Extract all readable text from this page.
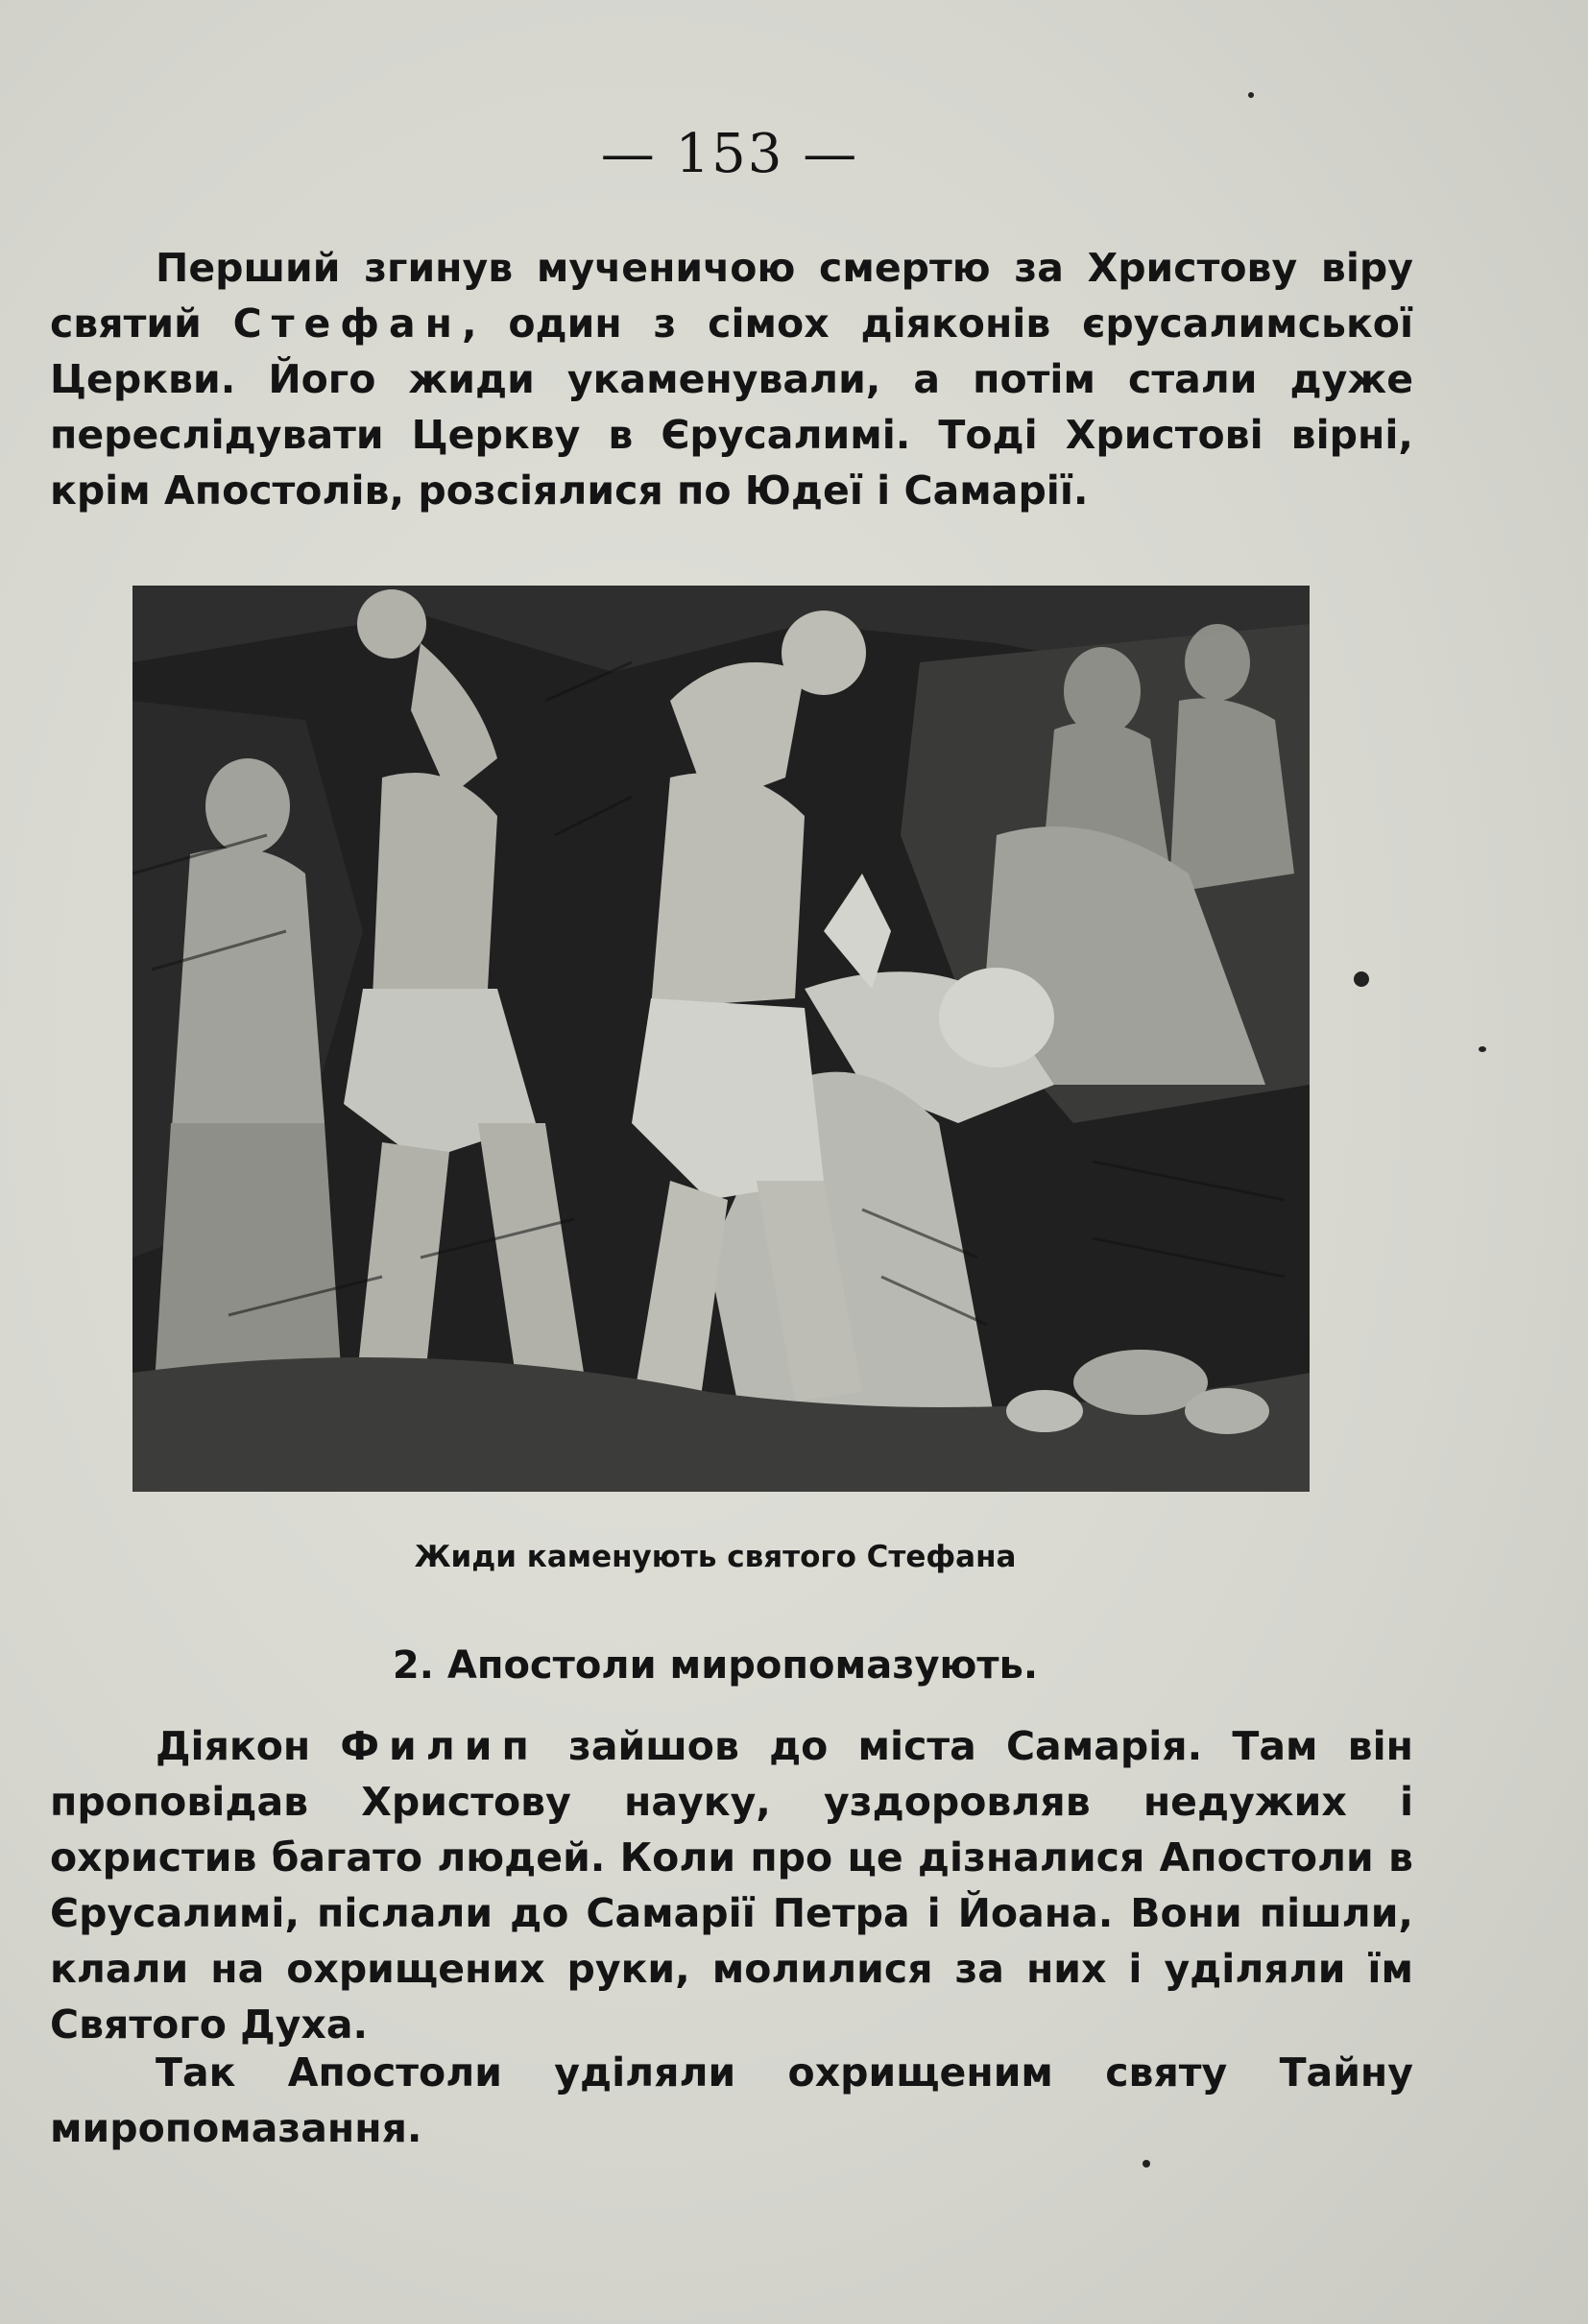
— 153 —

Перший згинув мученичою смертю за Христову віру святий Стефан, один з сімох діяконів єрусалимської Церкви. Його жиди укаменували, а потім стали дуже переслідувати Церкву в Єрусалимі. Тоді Христові вірні, крім Апостолів, розсіялися по Юдеї і Самарії.

Жиди каменують святого Стефана
2. Апостоли миропомазують.

Діякон Филип зайшов до міста Самарія. Там він проповідав Христову науку, уздоровляв недужих і охристив багато людей. Коли про це дізналися Апостоли в Єрусалимі, післали до Самарії Петра і Йоана. Вони пішли, клали на охрищених руки, молилися за них і уділяли їм Святого Духа.

Так Апостоли уділяли охрищеним святу Тайну миропомазання.
